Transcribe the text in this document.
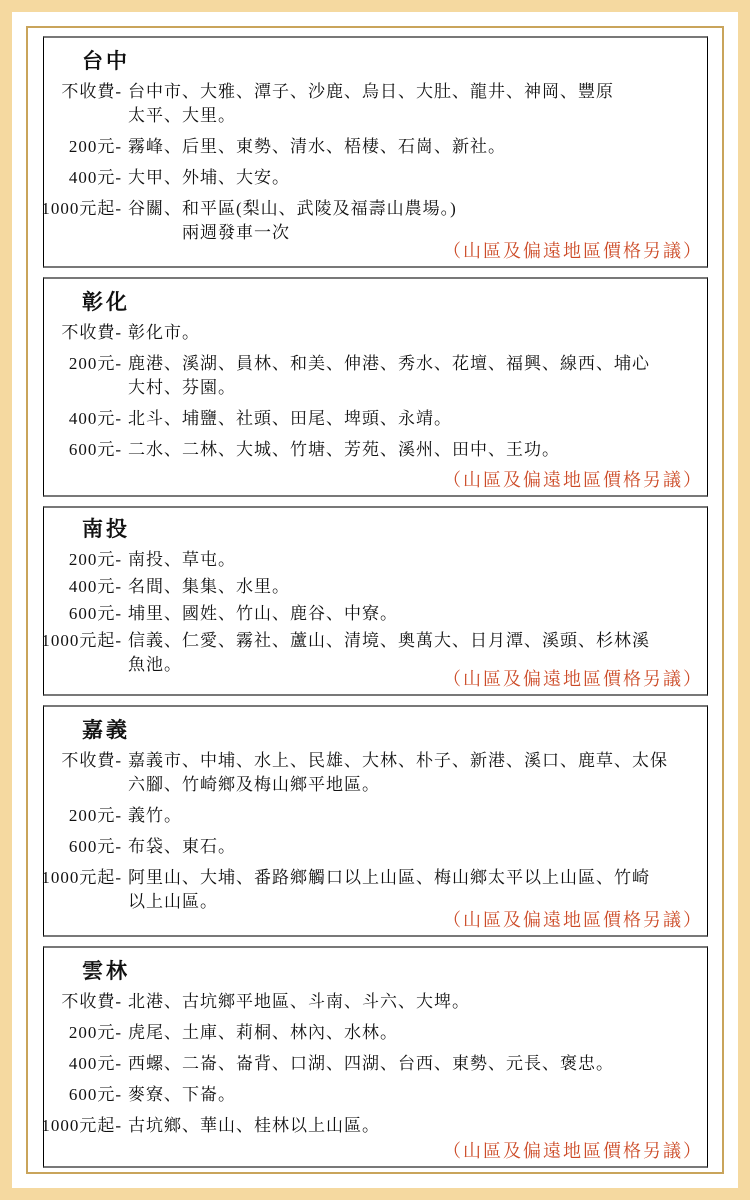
台中
不收費- 台中市、大雅、潭子、沙鹿、烏日、大肚、龍井、神岡、豐原
太平、大里。
200元- 霧峰、后里、東勢、清水、梧棲、石崗、新社。
400元- 大甲、外埔、大安。
1000元起- 谷關、和平區(梨山、武陵及福壽山農場。)
　　　兩週發車一次
（山區及偏遠地區價格另議）
彰化
不收費- 彰化市。
200元- 鹿港、溪湖、員林、和美、伸港、秀水、花壇、福興、線西、埔心
大村、芬園。
400元- 北斗、埔鹽、社頭、田尾、埤頭、永靖。
600元- 二水、二林、大城、竹塘、芳苑、溪州、田中、王功。
（山區及偏遠地區價格另議）
南投
200元- 南投、草屯。
400元- 名間、集集、水里。
600元- 埔里、國姓、竹山、鹿谷、中寮。
1000元起- 信義、仁愛、霧社、蘆山、清境、奧萬大、日月潭、溪頭、杉林溪
魚池。
（山區及偏遠地區價格另議）
嘉義
不收費- 嘉義市、中埔、水上、民雄、大林、朴子、新港、溪口、鹿草、太保
六腳、竹崎鄉及梅山鄉平地區。
200元- 義竹。
600元- 布袋、東石。
1000元起- 阿里山、大埔、番路鄉觸口以上山區、梅山鄉太平以上山區、竹崎
以上山區。
（山區及偏遠地區價格另議）
雲林
不收費- 北港、古坑鄉平地區、斗南、斗六、大埤。
200元- 虎尾、土庫、莉桐、林內、水林。
400元- 西螺、二崙、崙背、口湖、四湖、台西、東勢、元長、褒忠。
600元- 麥寮、下崙。
1000元起- 古坑鄉、華山、桂林以上山區。
（山區及偏遠地區價格另議）
